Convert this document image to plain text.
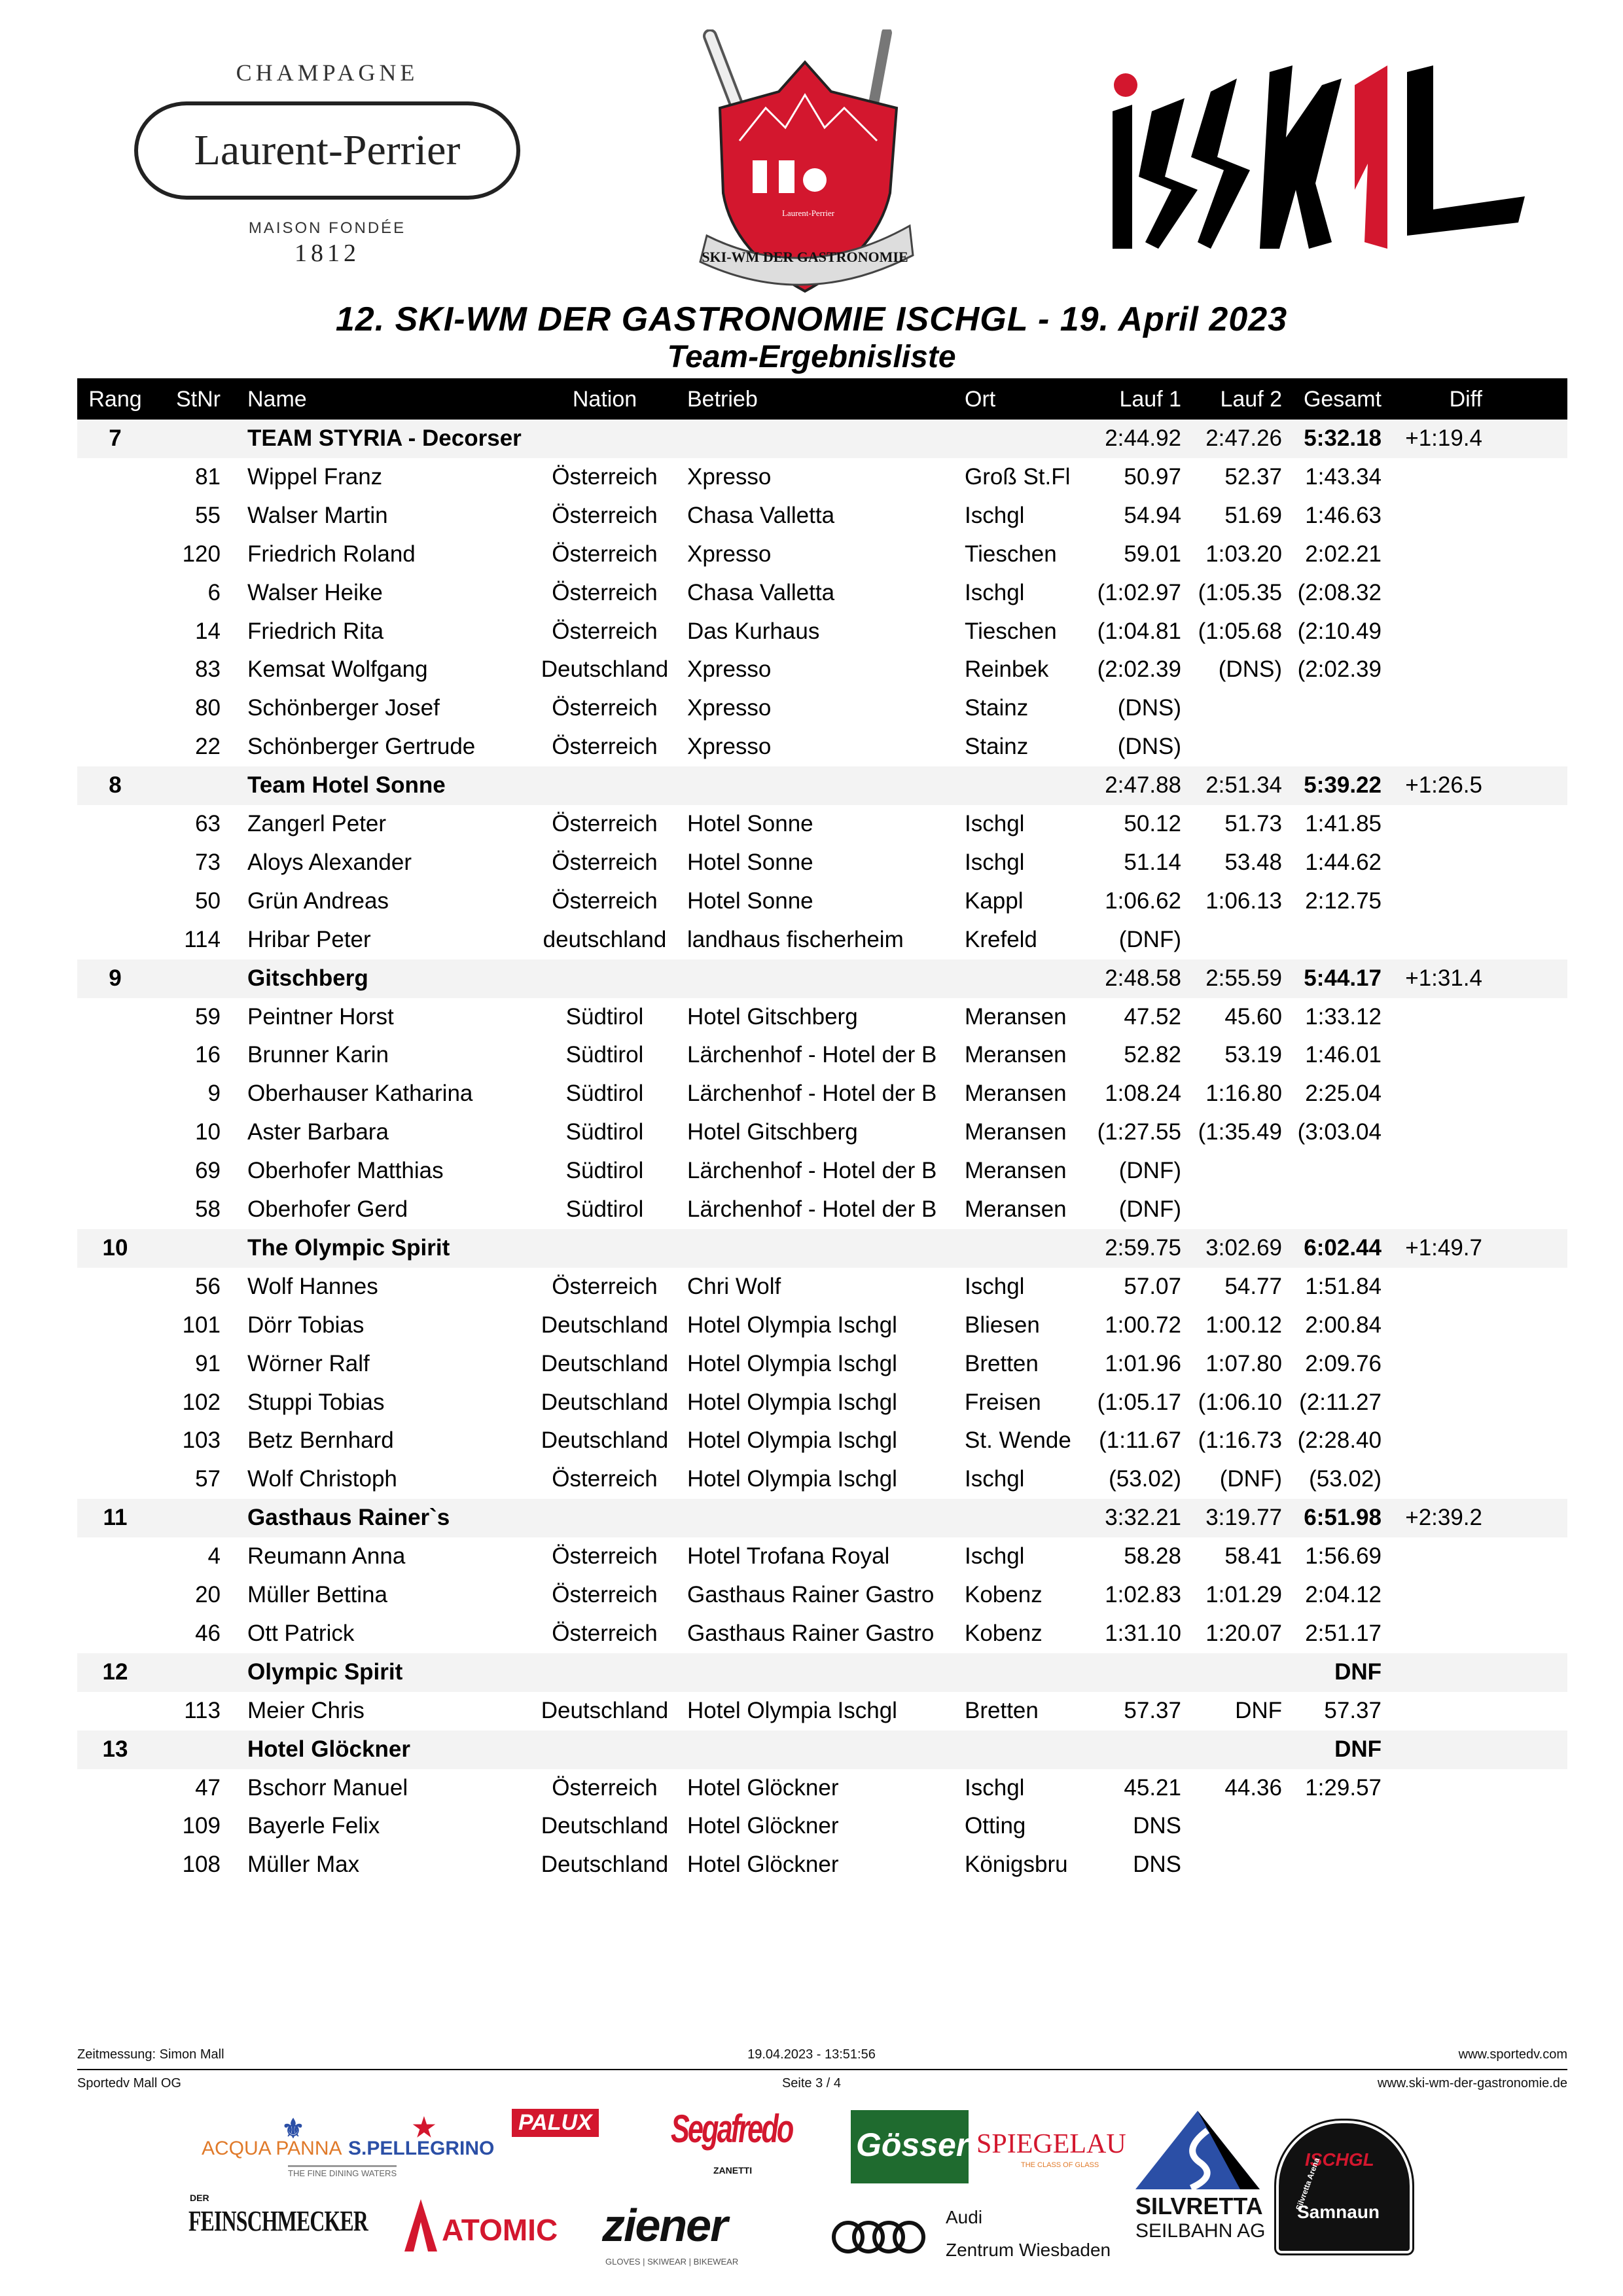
CHAMPAGNE
Laurent-Perrier
MAISON FONDÉE
1812	SKI-WM DER GASTRONOMIE
Laurent-Perrier
ISCHGL
12. SKI-WM DER GASTRONOMIE ISCHGL - 19. April 2023
Team-Ergebnisliste
Rang	StNr Name	Nation	Betrieb	Ort	Lauf 1	Lauf 2 Gesamt	Diff
7	TEAM STYRIA - Decorser	2:44.92	2:47.26 5:32.18	+1:19.4
81 Wippel Franz	Österreich	Xpresso	Groß St.Fl	50.97	52.37	1:43.34
55 Walser Martin	Österreich	Chasa Valletta	Ischgl	54.94	51.69	1:46.63
120 Friedrich Roland	Österreich	Xpresso	Tieschen	59.01	1:03.20	2:02.21
6 Walser Heike	Österreich	Chasa Valletta	Ischgl	(1:02.97 (1:05.35 (2:08.32
14 Friedrich Rita	Österreich	Das Kurhaus	Tieschen	(1:04.81 (1:05.68 (2:10.49
83 Kemsat Wolfgang	Deutschland Xpresso	Reinbek	(2:02.39	(DNS) (2:02.39
80 Schönberger Josef	Österreich	Xpresso	Stainz	(DNS)
22 Schönberger Gertrude	Österreich	Xpresso	Stainz	(DNS)
8	Team Hotel Sonne	2:47.88	2:51.34 5:39.22	+1:26.5
63 Zangerl Peter	Österreich	Hotel Sonne	Ischgl	50.12	51.73	1:41.85
73 Aloys Alexander	Österreich	Hotel Sonne	Ischgl	51.14	53.48	1:44.62
50 Grün Andreas	Österreich	Hotel Sonne	Kappl	1:06.62	1:06.13	2:12.75
114 Hribar Peter	deutschland landhaus fischerheim	Krefeld	(DNF)
9	Gitschberg	2:48.58	2:55.59 5:44.17	+1:31.4
59 Peintner Horst	Südtirol	Hotel Gitschberg	Meransen	47.52	45.60	1:33.12
16 Brunner Karin	Südtirol	Lärchenhof - Hotel der B	Meransen	52.82	53.19	1:46.01
9 Oberhauser Katharina	Südtirol	Lärchenhof - Hotel der B	Meransen	1:08.24	1:16.80	2:25.04
10 Aster Barbara	Südtirol	Hotel Gitschberg	Meransen	(1:27.55 (1:35.49 (3:03.04
69 Oberhofer Matthias	Südtirol	Lärchenhof - Hotel der B	Meransen	(DNF)
58 Oberhofer Gerd	Südtirol	Lärchenhof - Hotel der B	Meransen	(DNF)
10	The Olympic Spirit	2:59.75	3:02.69 6:02.44	+1:49.7
56 Wolf Hannes	Österreich	Chri Wolf	Ischgl	57.07	54.77	1:51.84
101 Dörr Tobias	Deutschland Hotel Olympia Ischgl	Bliesen	1:00.72	1:00.12	2:00.84
91 Wörner Ralf	Deutschland Hotel Olympia Ischgl	Bretten	1:01.96	1:07.80	2:09.76
102 Stuppi Tobias	Deutschland Hotel Olympia Ischgl	Freisen	(1:05.17 (1:06.10 (2:11.27
103 Betz Bernhard	Deutschland Hotel Olympia Ischgl	St. Wende	(1:11.67 (1:16.73 (2:28.40
57 Wolf Christoph	Österreich	Hotel Olympia Ischgl	Ischgl	(53.02)	(DNF)	(53.02)
11	Gasthaus Rainer`s	3:32.21	3:19.77 6:51.98	+2:39.2
4 Reumann Anna	Österreich	Hotel Trofana Royal	Ischgl	58.28	58.41	1:56.69
20 Müller Bettina	Österreich	Gasthaus Rainer Gastro	Kobenz	1:02.83	1:01.29	2:04.12
46 Ott Patrick	Österreich	Gasthaus Rainer Gastro	Kobenz	1:31.10	1:20.07	2:51.17
12	Olympic Spirit	DNF
113 Meier Chris	Deutschland Hotel Olympia Ischgl	Bretten	57.37	DNF	57.37
13	Hotel Glöckner	DNF
47 Bschorr Manuel	Österreich	Hotel Glöckner	Ischgl	45.21	44.36	1:29.57
109 Bayerle Felix	Deutschland Hotel Glöckner	Otting	DNS
108 Müller Max	Deutschland Hotel Glöckner	Königsbru	DNS
Zeitmessung: Simon Mall	19.04.2023 - 13:51:56	www.sportedv.com
Sportedv Mall OG	Seite 3 / 4	www.ski-wm-der-gastronomie.de
⚜
ACQUA PANNA
★
S.PELLEGRINO
THE FINE DINING WATERS
PALUX Segafredo
ZANETTI
Gösser SPIEGELAU
THE CLASS OF GLASS
SILVRETTA
SEILBAHN AG
ISCHGL
Samnaun
Silvretta Arena
DER
FEINSCHMECKER ATOMIC ziener
GLOVES | SKIWEAR | BIKEWEAR
Audi
Zentrum Wiesbaden
